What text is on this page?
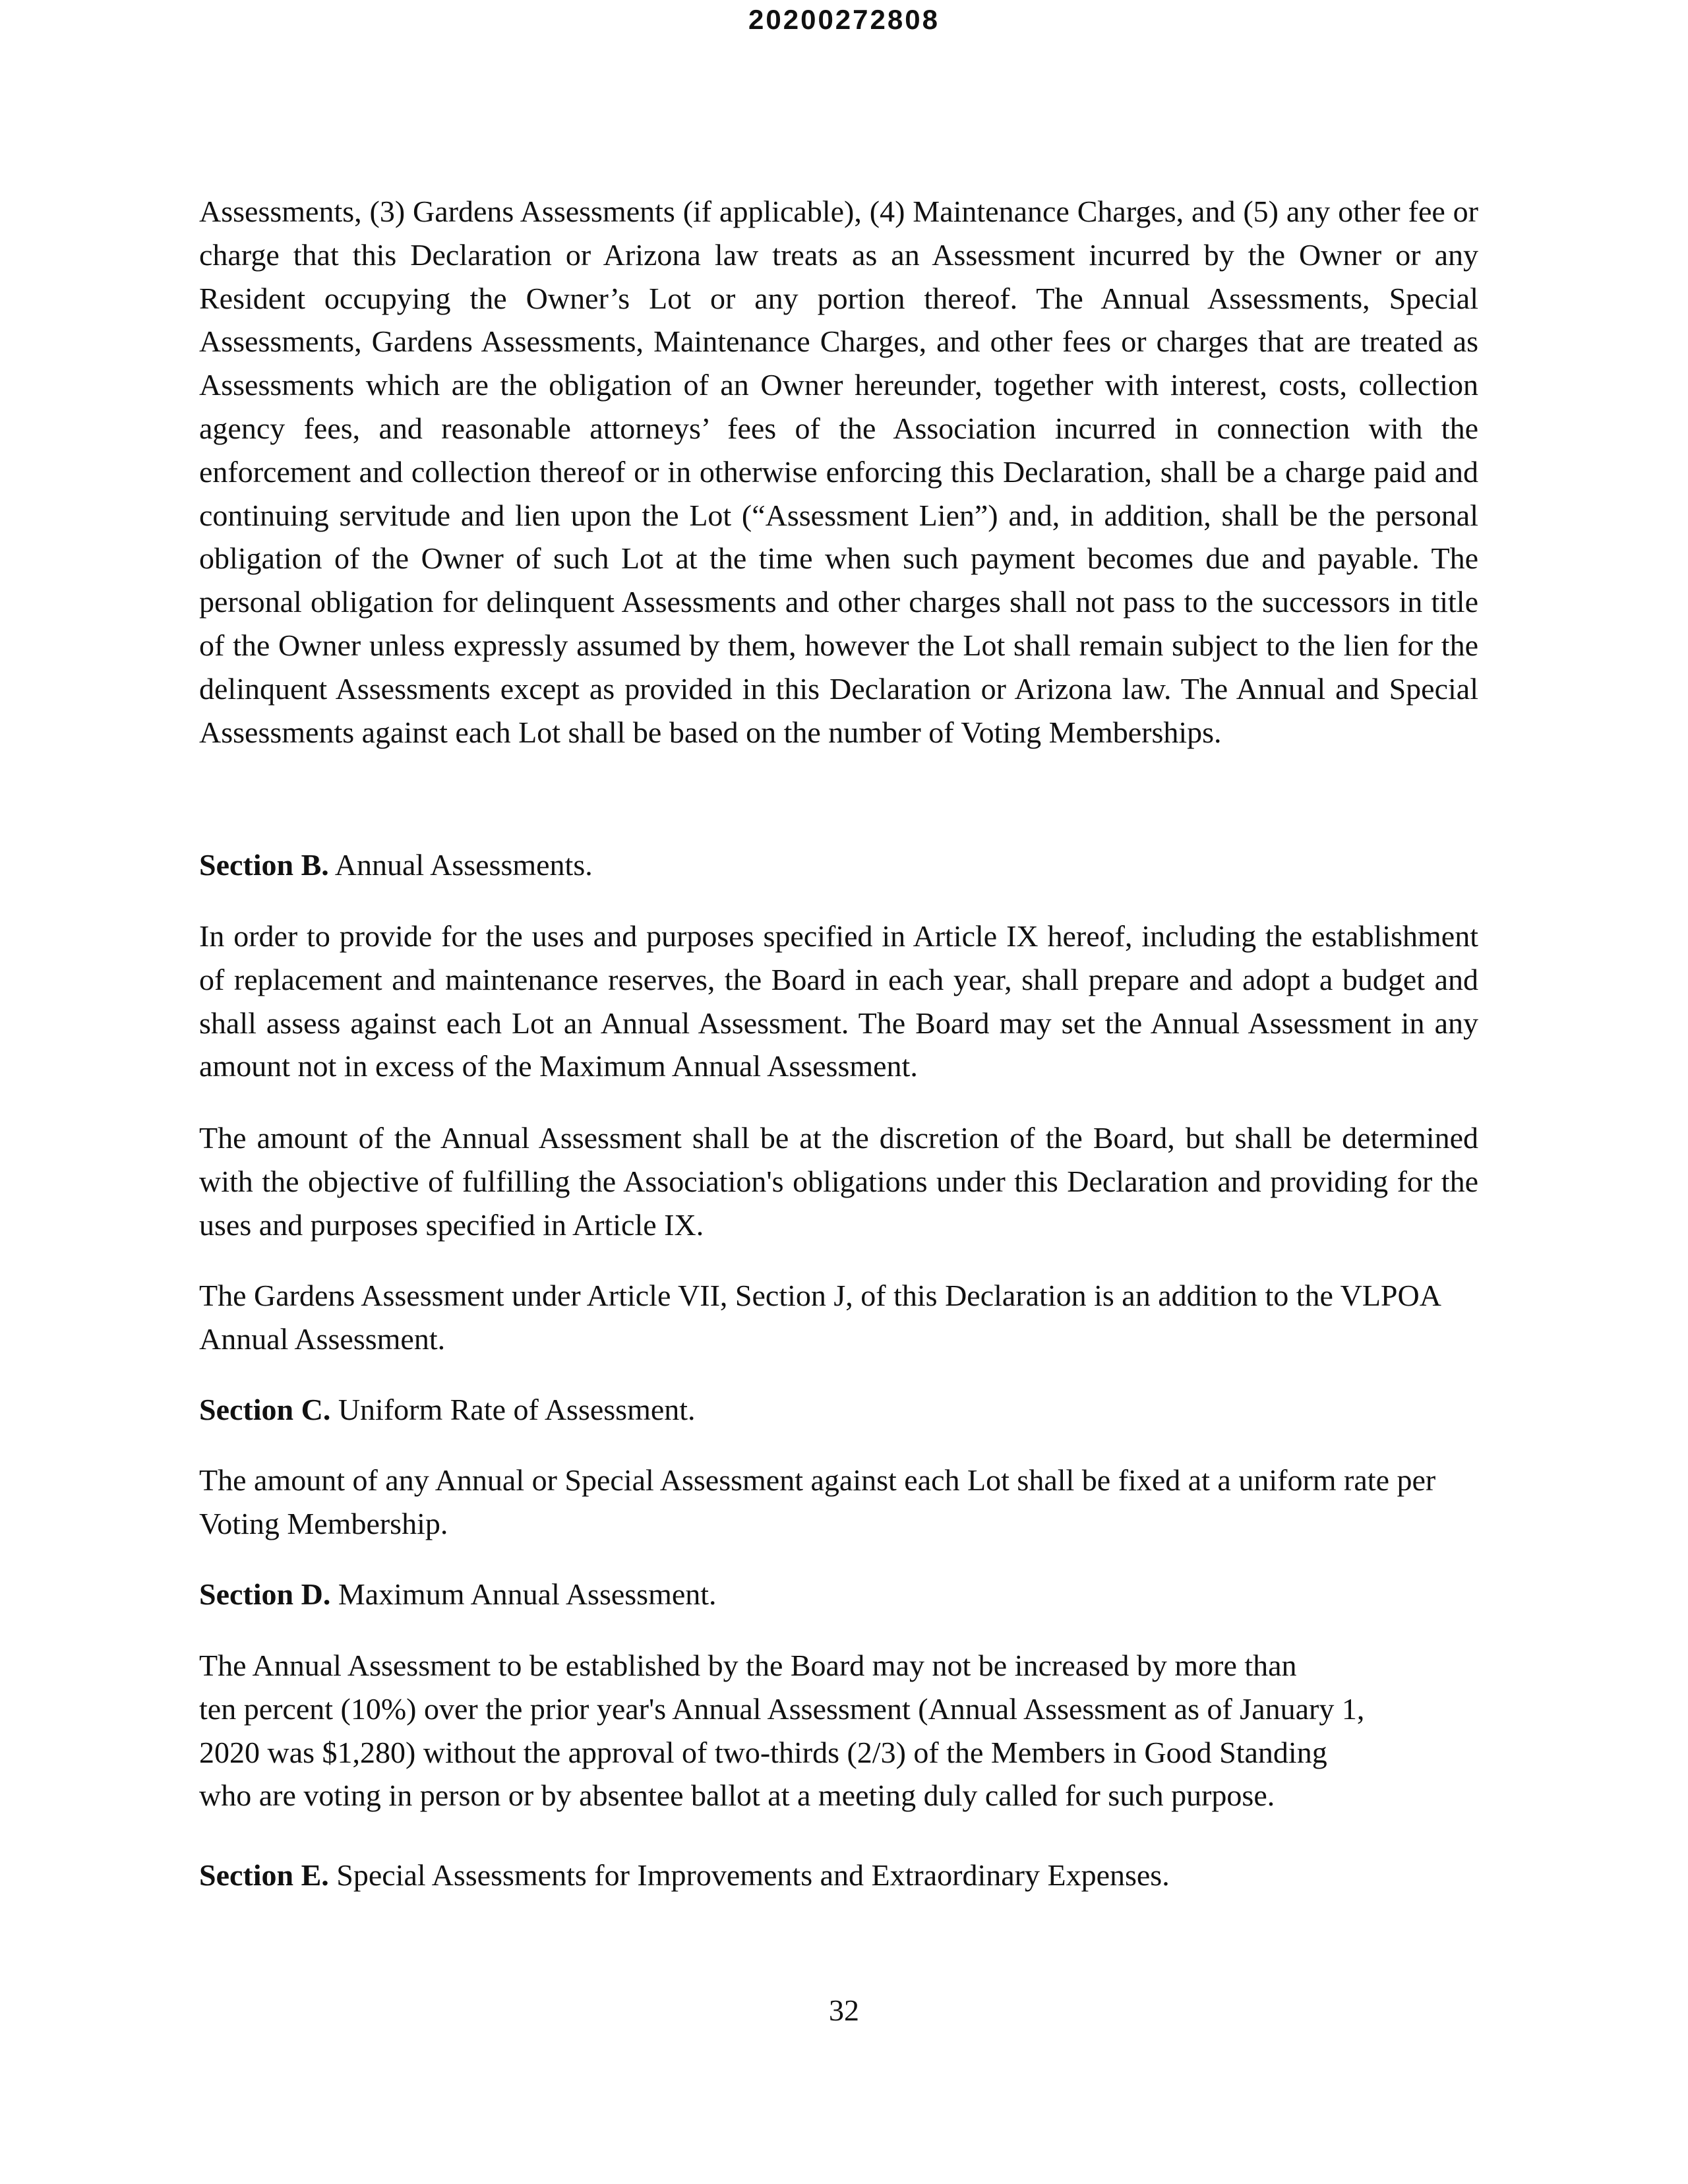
20200272808

Assessments, (3) Gardens Assessments (if applicable), (4) Maintenance Charges, and (5) any other fee or charge that this Declaration or Arizona law treats as an Assessment incurred by the Owner or any Resident occupying the Owner’s Lot or any portion thereof. The Annual Assessments, Special Assessments, Gardens Assessments, Maintenance Charges, and other fees or charges that are treated as Assessments which are the obligation of an Owner hereunder, together with interest, costs, collection agency fees, and reasonable attorneys’ fees of the Association incurred in connection with the enforcement and collection thereof or in otherwise enforcing this Declaration, shall be a charge paid and continuing servitude and lien upon the Lot (“Assessment Lien”) and, in addition, shall be the personal obligation of the Owner of such Lot at the time when such payment becomes due and payable. The personal obligation for delinquent Assessments and other charges shall not pass to the successors in title of the Owner unless expressly assumed by them, however the Lot shall remain subject to the lien for the delinquent Assessments except as provided in this Declaration or Arizona law. The Annual and Special Assessments against each Lot shall be based on the number of Voting Memberships.

Section B. Annual Assessments.

In order to provide for the uses and purposes specified in Article IX hereof, including the establishment of replacement and maintenance reserves, the Board in each year, shall prepare and adopt a budget and shall assess against each Lot an Annual Assessment. The Board may set the Annual Assessment in any amount not in excess of the Maximum Annual Assessment.

The amount of the Annual Assessment shall be at the discretion of the Board, but shall be determined with the objective of fulfilling the Association's obligations under this Declaration and providing for the uses and purposes specified in Article IX.

The Gardens Assessment under Article VII, Section J, of this Declaration is an addition to the VLPOA Annual Assessment.

Section C. Uniform Rate of Assessment.

The amount of any Annual or Special Assessment against each Lot shall be fixed at a uniform rate per Voting Membership.

Section D. Maximum Annual Assessment.

The Annual Assessment to be established by the Board may not be increased by more than
ten percent (10%) over the prior year's Annual Assessment (Annual Assessment as of January 1,
2020 was $1,280) without the approval of two-thirds (2/3) of the Members in Good Standing
who are voting in person or by absentee ballot at a meeting duly called for such purpose.

Section E. Special Assessments for Improvements and Extraordinary Expenses.

32
